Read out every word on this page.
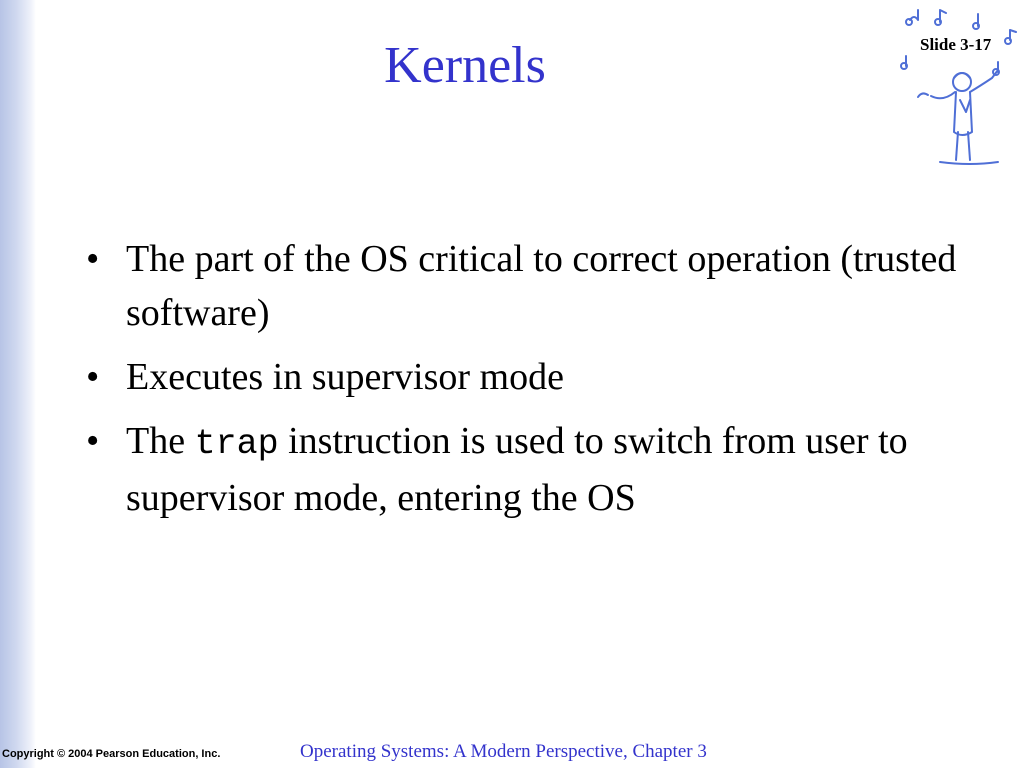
Kernels	Slide 3-17
• The part of the OS critical to correct operation (trusted software)
• Executes in supervisor mode
• The trap instruction is used to switch from user to supervisor mode, entering the OS
Copyright © 2004 Pearson Education, Inc.	Operating Systems: A Modern Perspective, Chapter 3
